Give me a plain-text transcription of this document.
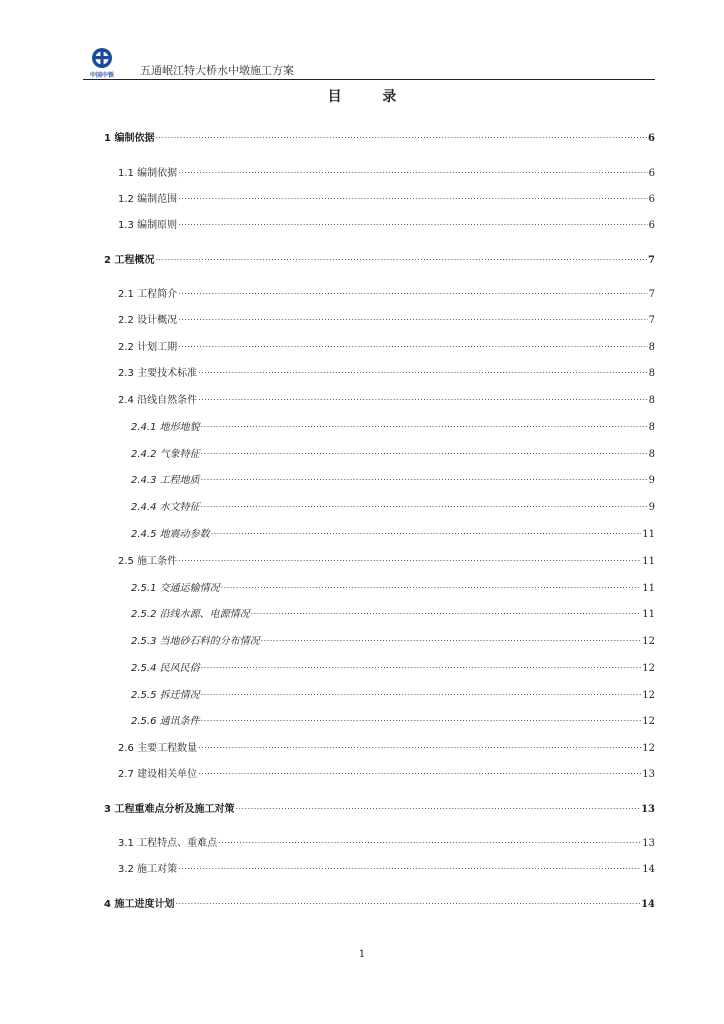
中国中铁 五通岷江特大桥水中墩施工方案
目 录
1 编制依据 .....	6
1.1 编制依据 .....	6
1.2 编制范围 .....	6
1.3 编制原则 .....	6
2 工程概况 .....	7
2.1 工程简介 .....	7
2.2 设计概况 .....	7
2.2 计划工期 .....	8
2.3 主要技术标准 .....	8
2.4 沿线自然条件 .....	8
2.4.1 地形地貌 .....	8
2.4.2 气象特征 .....	8
2.4.3 工程地质 .....	9
2.4.4 水文特征 .....	9
2.4.5 地震动参数 .....	11
2.5 施工条件 .....	11
2.5.1 交通运输情况 .....	11
2.5.2 沿线水源、电源情况 .....	11
2.5.3 当地砂石料的分布情况 .....	12
2.5.4 民风民俗 .....	12
2.5.5 拆迁情况 .....	12
2.5.6 通讯条件 .....	12
2.6 主要工程数量 .....	12
2.7 建设相关单位 .....	13
3 工程重难点分析及施工对策 .....	13
3.1 工程特点、重难点 .....	13
3.2 施工对策 .....	14
4 施工进度计划 .....	14
1
